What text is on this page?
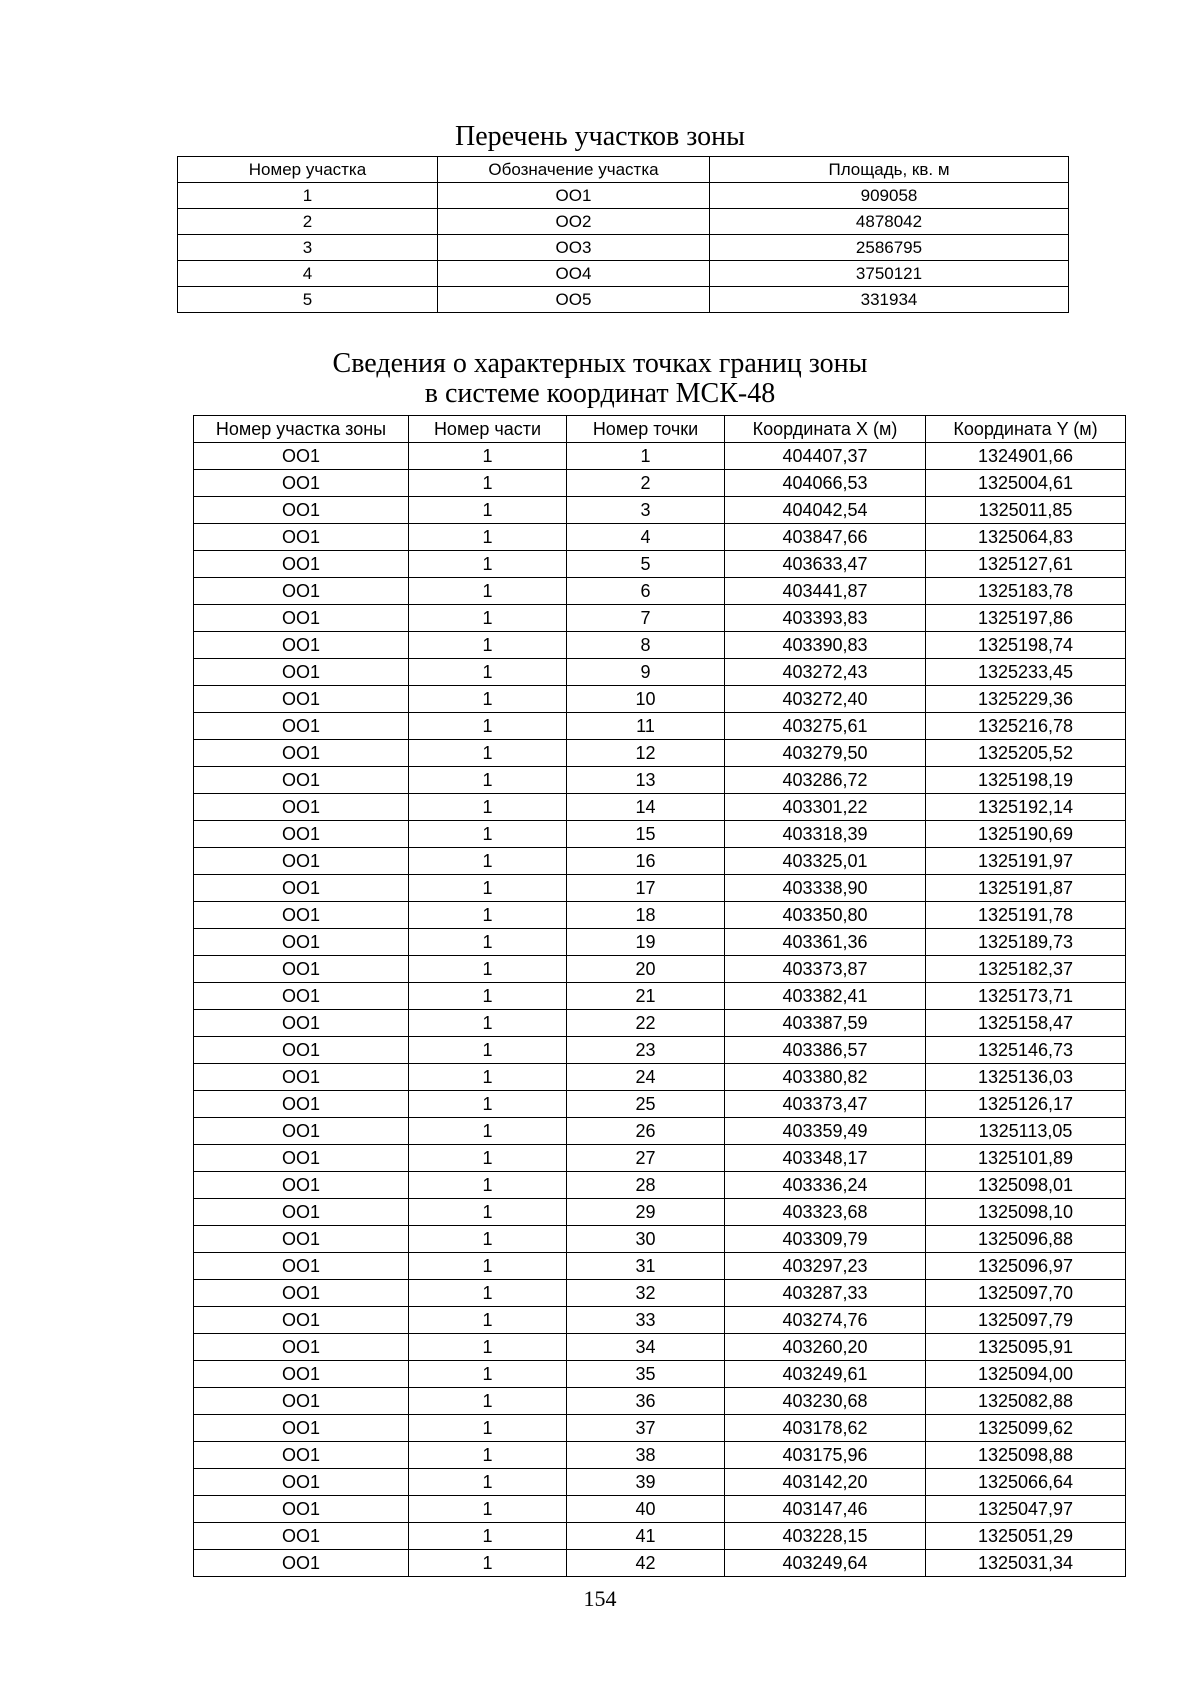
Перечень участков зоны
Номер участка	Обозначение участка	Площадь, кв. м
1	ОО1	909058
2	ОО2	4878042
3	ОО3	2586795
4	ОО4	3750121
5	ОО5	331934
Сведения о характерных точках границ зоны
в системе координат МСК-48
Номер участка зоны	Номер части	Номер точки	Координата X (м)	Координата Y (м)
ОО1	1	1	404407,37	1324901,66
ОО1	1	2	404066,53	1325004,61
ОО1	1	3	404042,54	1325011,85
ОО1	1	4	403847,66	1325064,83
ОО1	1	5	403633,47	1325127,61
ОО1	1	6	403441,87	1325183,78
ОО1	1	7	403393,83	1325197,86
ОО1	1	8	403390,83	1325198,74
ОО1	1	9	403272,43	1325233,45
ОО1	1	10	403272,40	1325229,36
ОО1	1	11	403275,61	1325216,78
ОО1	1	12	403279,50	1325205,52
ОО1	1	13	403286,72	1325198,19
ОО1	1	14	403301,22	1325192,14
ОО1	1	15	403318,39	1325190,69
ОО1	1	16	403325,01	1325191,97
ОО1	1	17	403338,90	1325191,87
ОО1	1	18	403350,80	1325191,78
ОО1	1	19	403361,36	1325189,73
ОО1	1	20	403373,87	1325182,37
ОО1	1	21	403382,41	1325173,71
ОО1	1	22	403387,59	1325158,47
ОО1	1	23	403386,57	1325146,73
ОО1	1	24	403380,82	1325136,03
ОО1	1	25	403373,47	1325126,17
ОО1	1	26	403359,49	1325113,05
ОО1	1	27	403348,17	1325101,89
ОО1	1	28	403336,24	1325098,01
ОО1	1	29	403323,68	1325098,10
ОО1	1	30	403309,79	1325096,88
ОО1	1	31	403297,23	1325096,97
ОО1	1	32	403287,33	1325097,70
ОО1	1	33	403274,76	1325097,79
ОО1	1	34	403260,20	1325095,91
ОО1	1	35	403249,61	1325094,00
ОО1	1	36	403230,68	1325082,88
ОО1	1	37	403178,62	1325099,62
ОО1	1	38	403175,96	1325098,88
ОО1	1	39	403142,20	1325066,64
ОО1	1	40	403147,46	1325047,97
ОО1	1	41	403228,15	1325051,29
ОО1	1	42	403249,64	1325031,34
154
